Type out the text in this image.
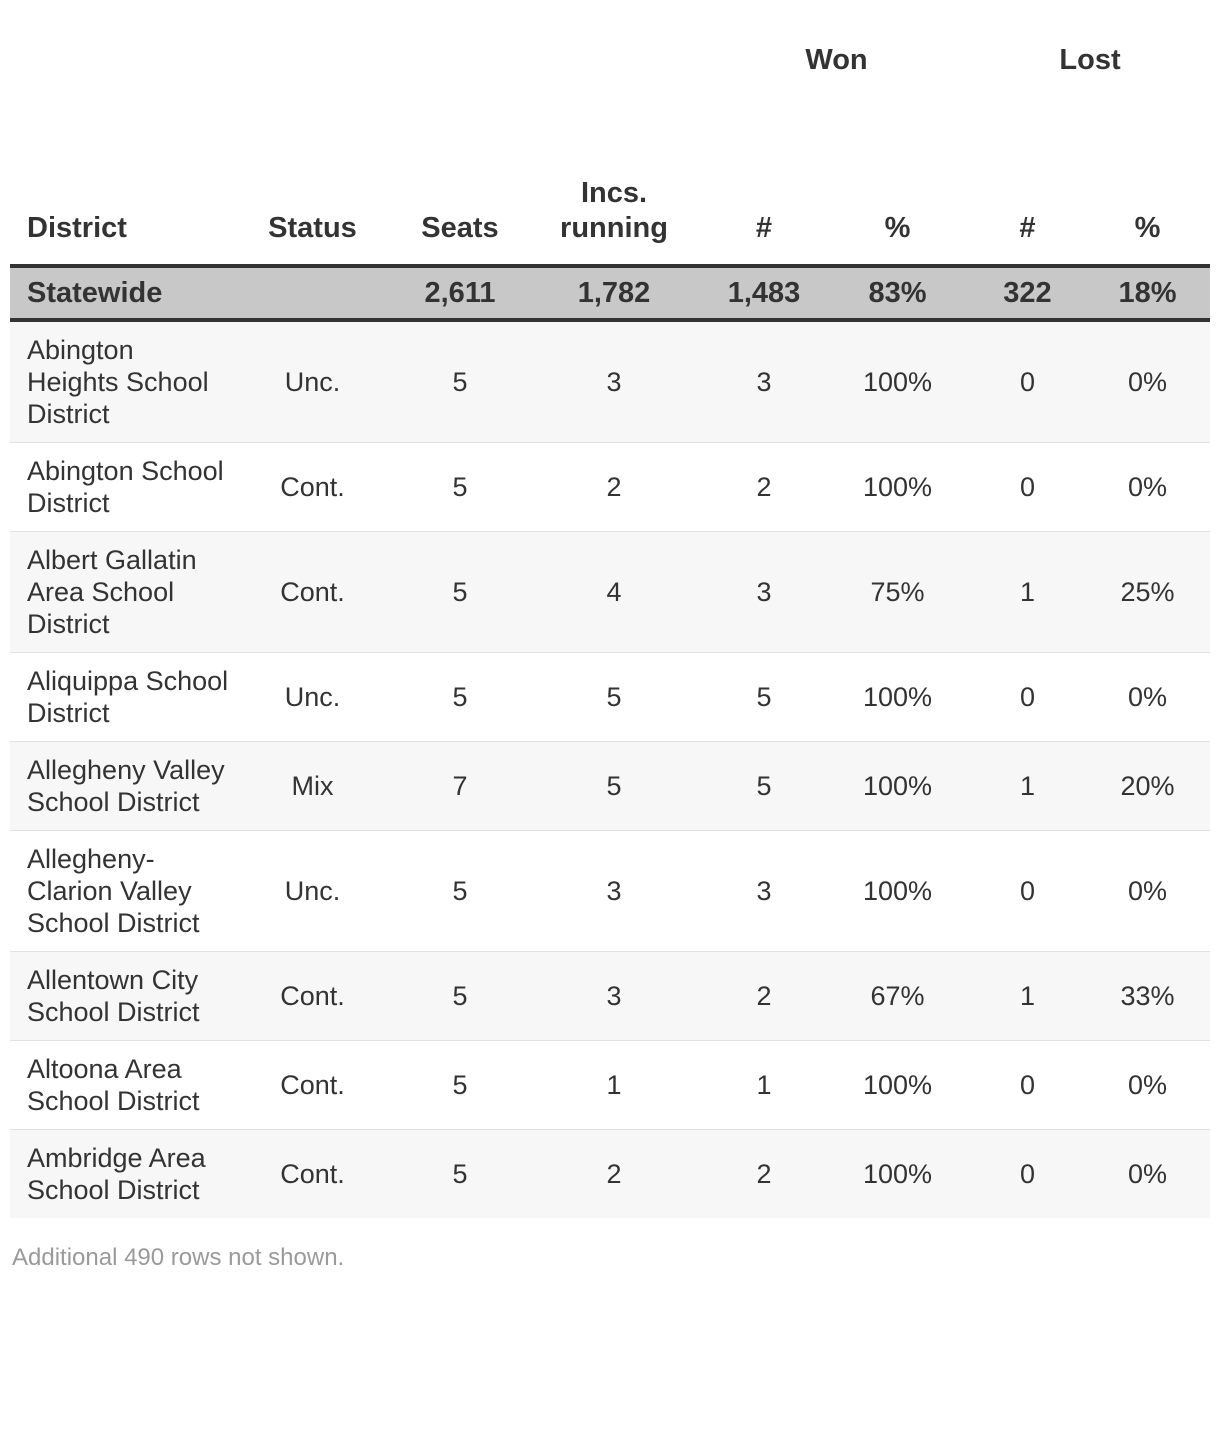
				Won		Lost	
District	Status	Seats	Incs. running	#	%	#	%
Statewide		2,611	1,782	1,483	83%	322	18%
Abington Heights School District	Unc.	5	3	3	100%	0	0%
Abington School District	Cont.	5	2	2	100%	0	0%
Albert Gallatin Area School District	Cont.	5	4	3	75%	1	25%
Aliquippa School District	Unc.	5	5	5	100%	0	0%
Allegheny Valley School District	Mix	7	5	5	100%	1	20%
Allegheny-Clarion Valley School District	Unc.	5	3	3	100%	0	0%
Allentown City School District	Cont.	5	3	2	67%	1	33%
Altoona Area School District	Cont.	5	1	1	100%	0	0%
Ambridge Area School District	Cont.	5	2	2	100%	0	0%
Additional 490 rows not shown.
